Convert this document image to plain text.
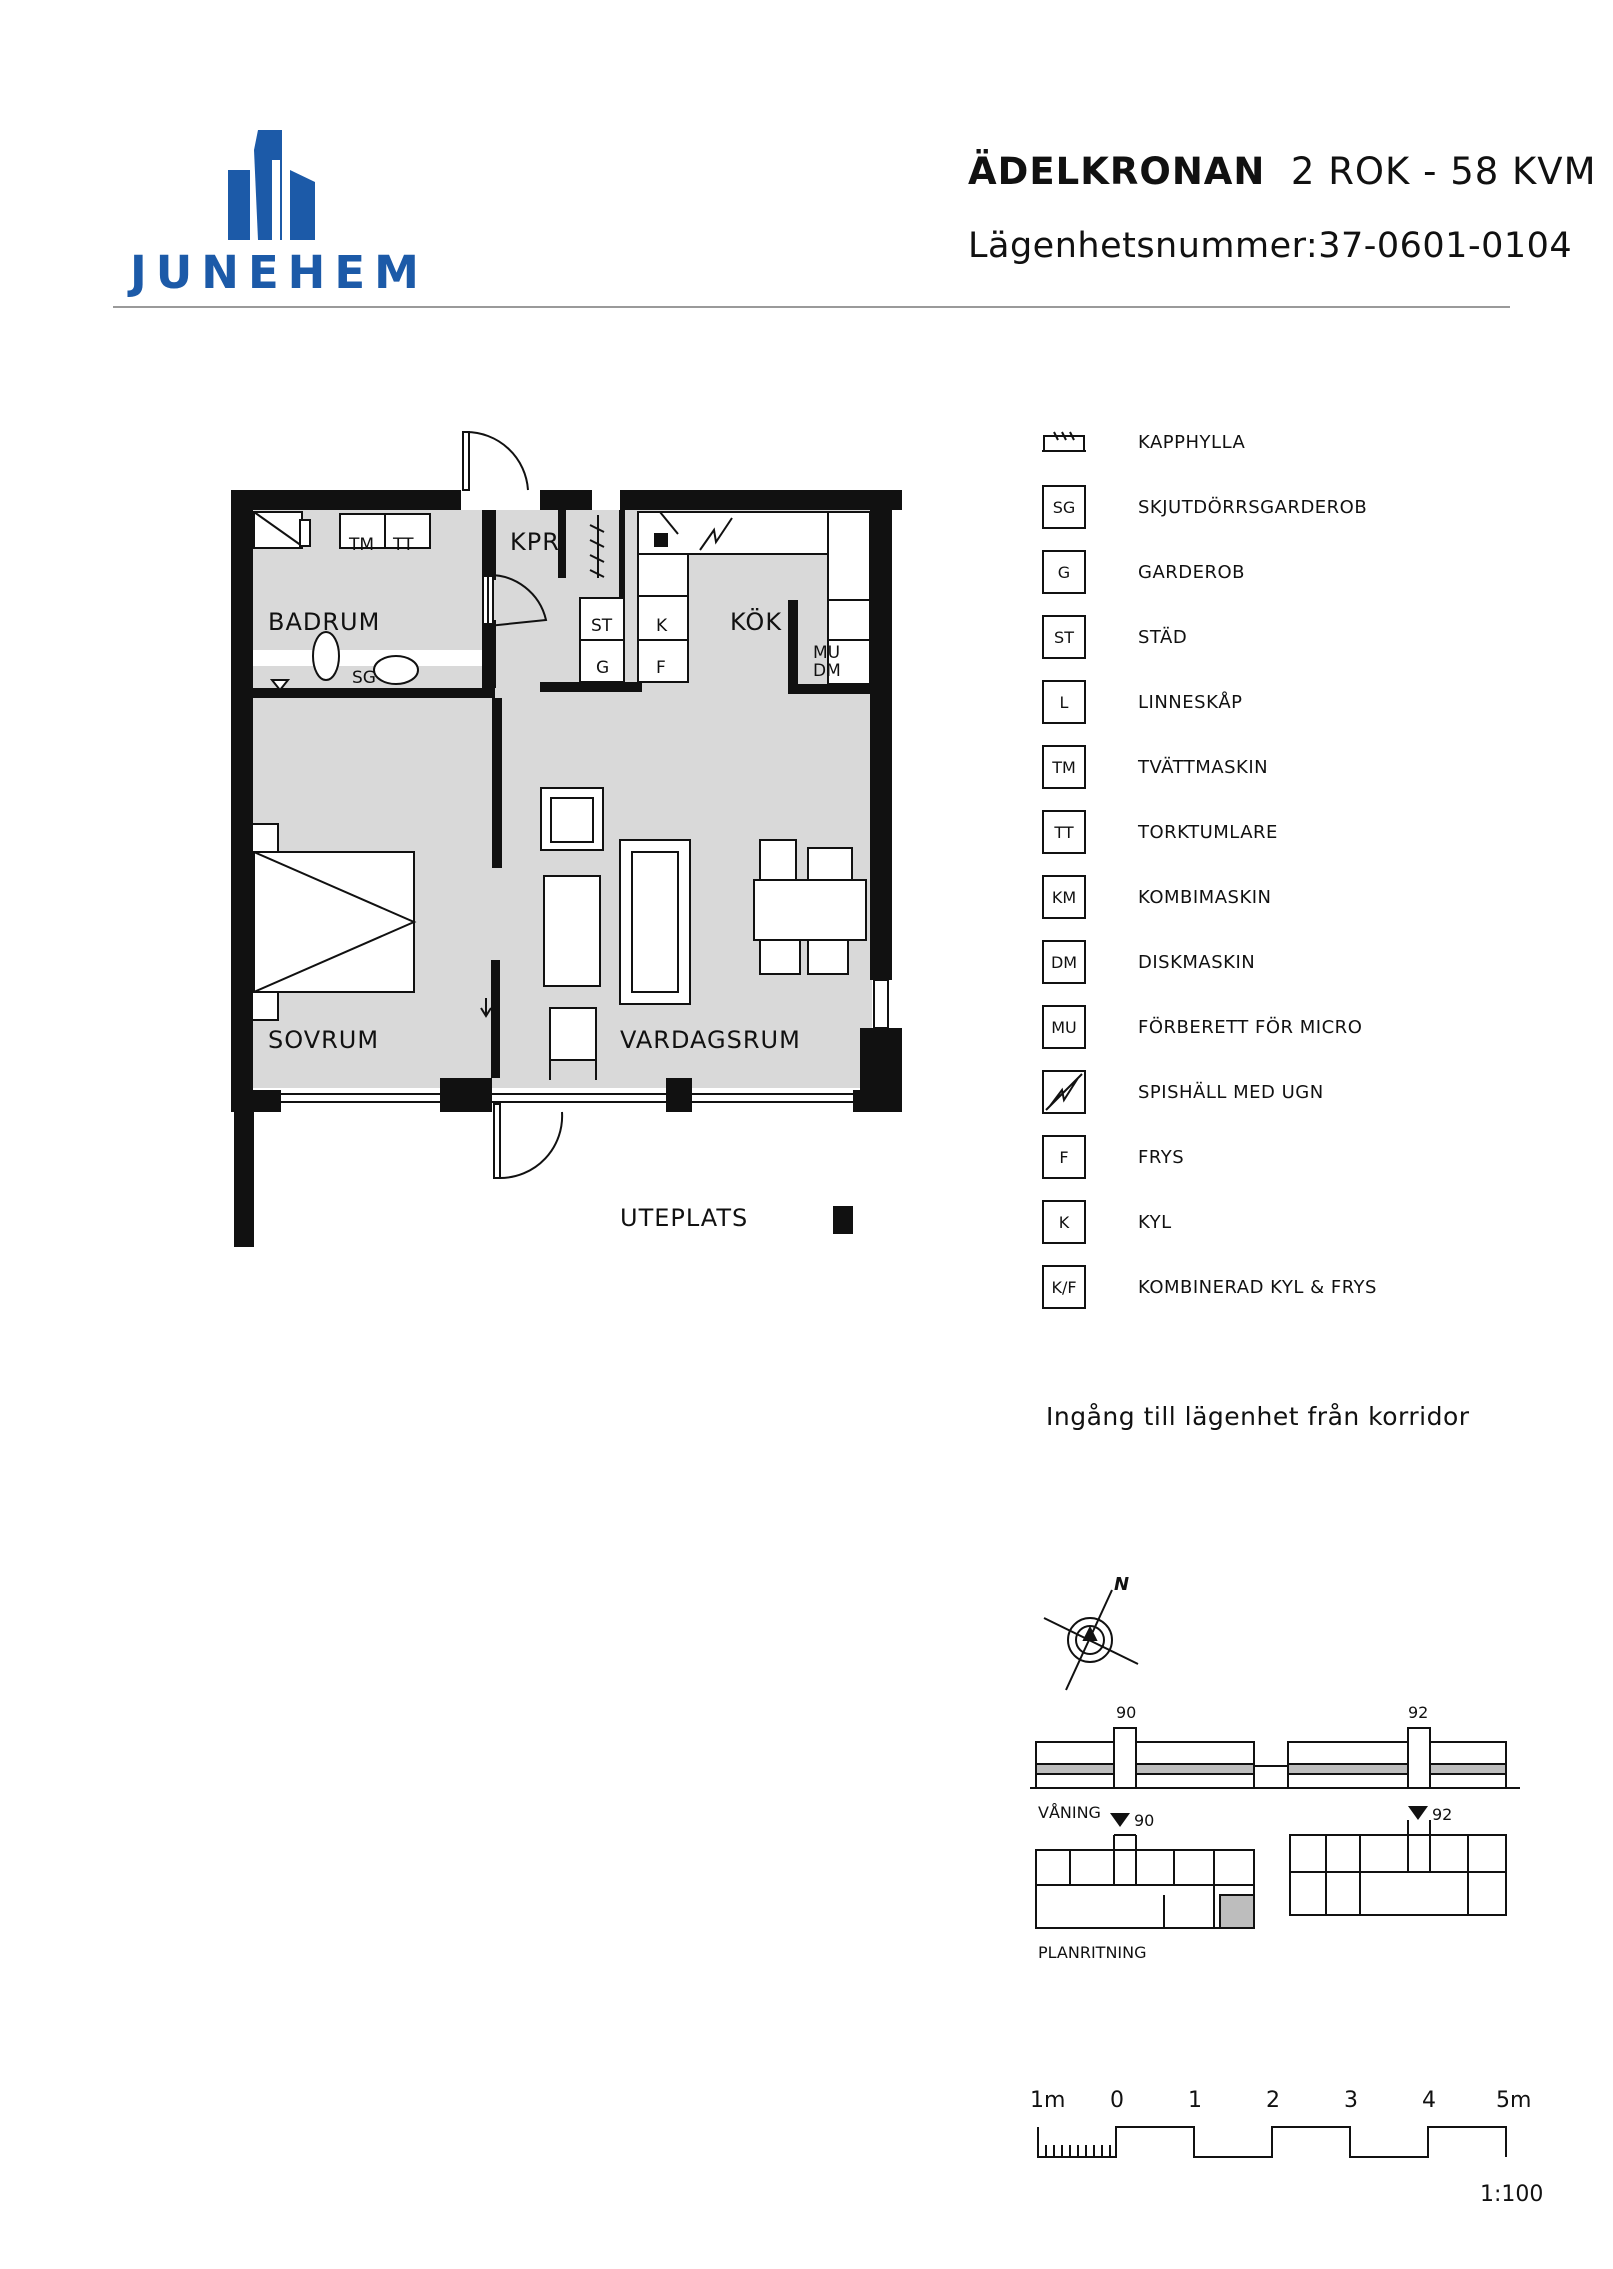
JUNEHEM
ÄDELKRONAN 2 ROK - 58 KVM
Lägenhetsnummer:37-0601-0104
TM TT
ST
G
K
F
MU
DM
SG
BADRUM
KPR.
KÖK
SOVRUM	VARDAGSRUM
UTEPLATS
KAPPHYLLA
SG	SKJUTDÖRRSGARDEROB
G	GARDEROB
ST	STÄD
L	LINNESKÅP
TM	TVÄTTMASKIN
TT	TORKTUMLARE
KM	KOMBIMASKIN
DM	DISKMASKIN
MU	FÖRBERETT FÖR MICRO
SPISHÄLL MED UGN
F	FRYS
K	KYL
K/F	KOMBINERAD KYL & FRYS
Ingång till lägenhet från korridor
N
90	92
VÅNING 90	92
PLANRITNING
1m 0	1	2	3	4	5m
1:100
